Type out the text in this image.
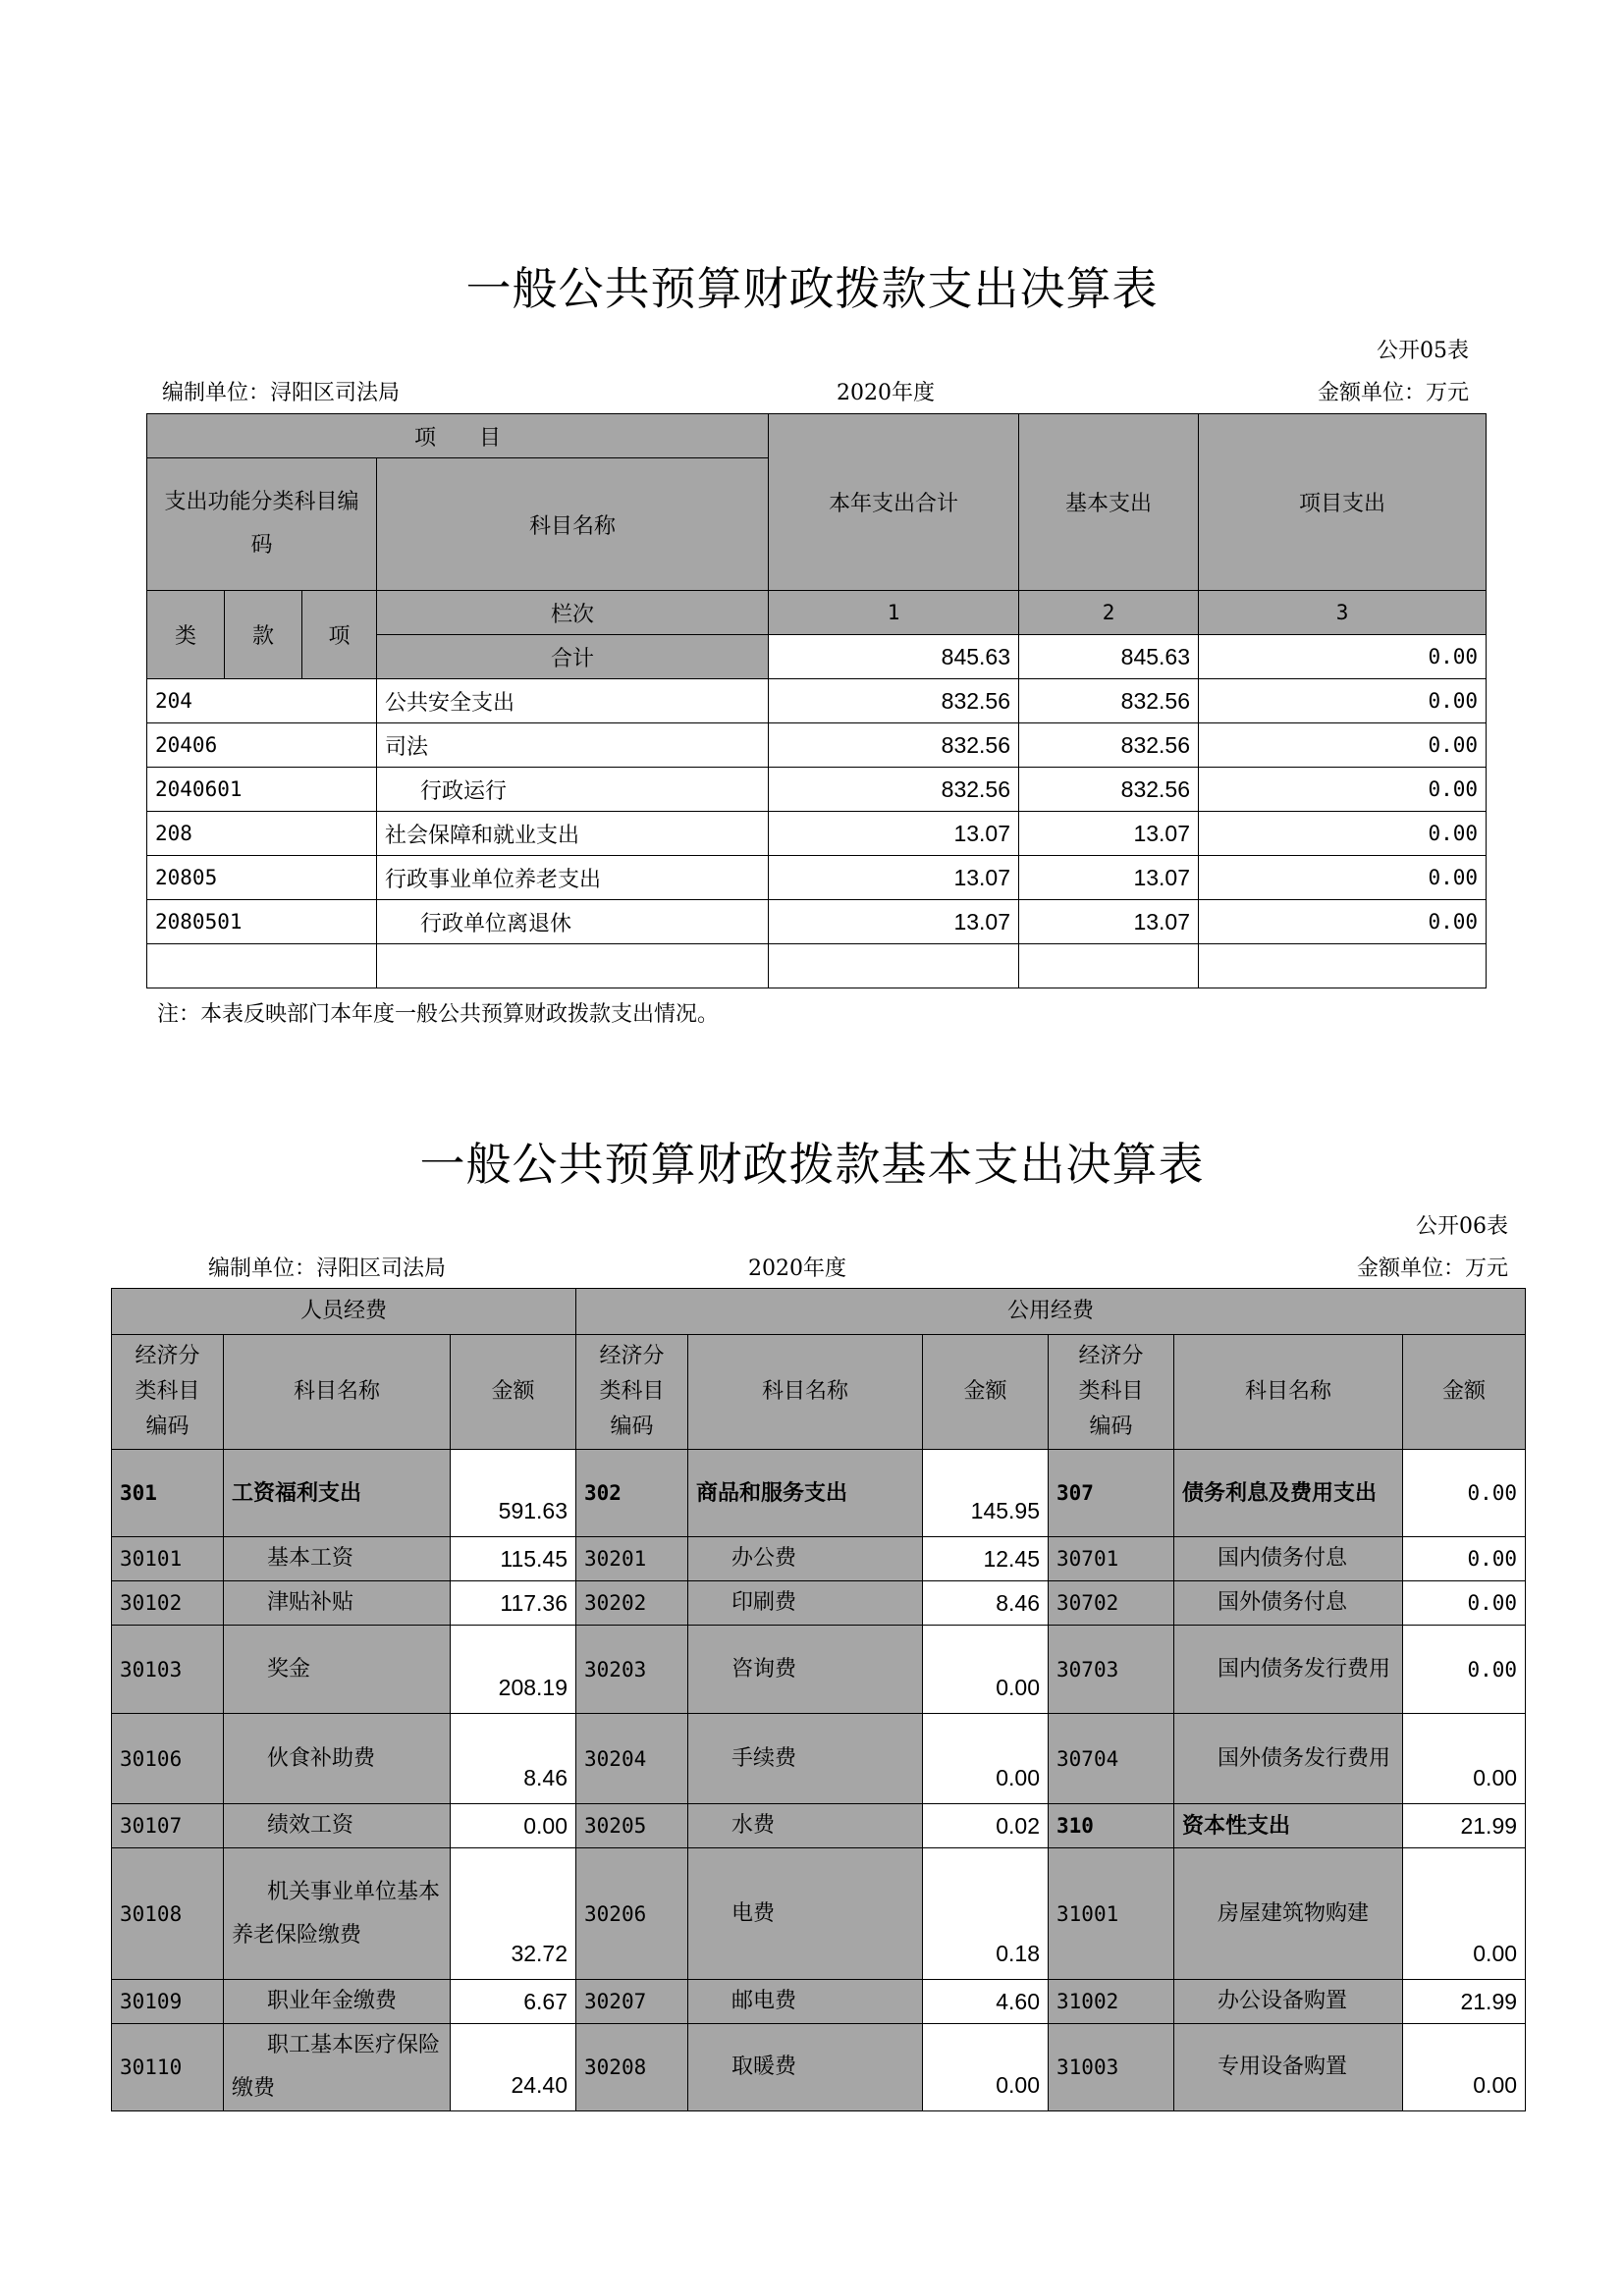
一般公共预算财政拨款支出决算表
公开05表
编制单位：浔阳区司法局	2020年度	金额单位：万元
项　　目				本年支出合计	基本支出	项目支出
支出功能分类科目编码			科目名称			
类	款	项	栏次	1	2	3
			合计	845.63	845.63	0.00
204			公共安全支出	832.56	832.56	0.00
20406			司法	832.56	832.56	0.00
2040601			行政运行	832.56	832.56	0.00
208			社会保障和就业支出	13.07	13.07	0.00
20805			行政事业单位养老支出	13.07	13.07	0.00
2080501			行政单位离退休	13.07	13.07	0.00

注：本表反映部门本年度一般公共预算财政拨款支出情况。
一般公共预算财政拨款基本支出决算表
公开06表
编制单位：浔阳区司法局	2020年度	金额单位：万元
人员经费			公用经费					
经济分类科目编码	科目名称	金额	经济分类科目编码	科目名称	金额	经济分类科目编码	科目名称	金额
301	工资福利支出	591.63	302	商品和服务支出	145.95	307	债务利息及费用支出	0.00
30101	基本工资	115.45	30201	办公费	12.45	30701	国内债务付息	0.00
30102	津贴补贴	117.36	30202	印刷费	8.46	30702	国外债务付息	0.00
30103	奖金	208.19	30203	咨询费	0.00	30703	国内债务发行费用	0.00
30106	伙食补助费	8.46	30204	手续费	0.00	30704	国外债务发行费用	0.00
30107	绩效工资	0.00	30205	水费	0.02	310	资本性支出	21.99
30108	机关事业单位基本养老保险缴费	32.72	30206	电费	0.18	31001	房屋建筑物购建	0.00
30109	职业年金缴费	6.67	30207	邮电费	4.60	31002	办公设备购置	21.99
30110	职工基本医疗保险缴费	24.40	30208	取暖费	0.00	31003	专用设备购置	0.00
